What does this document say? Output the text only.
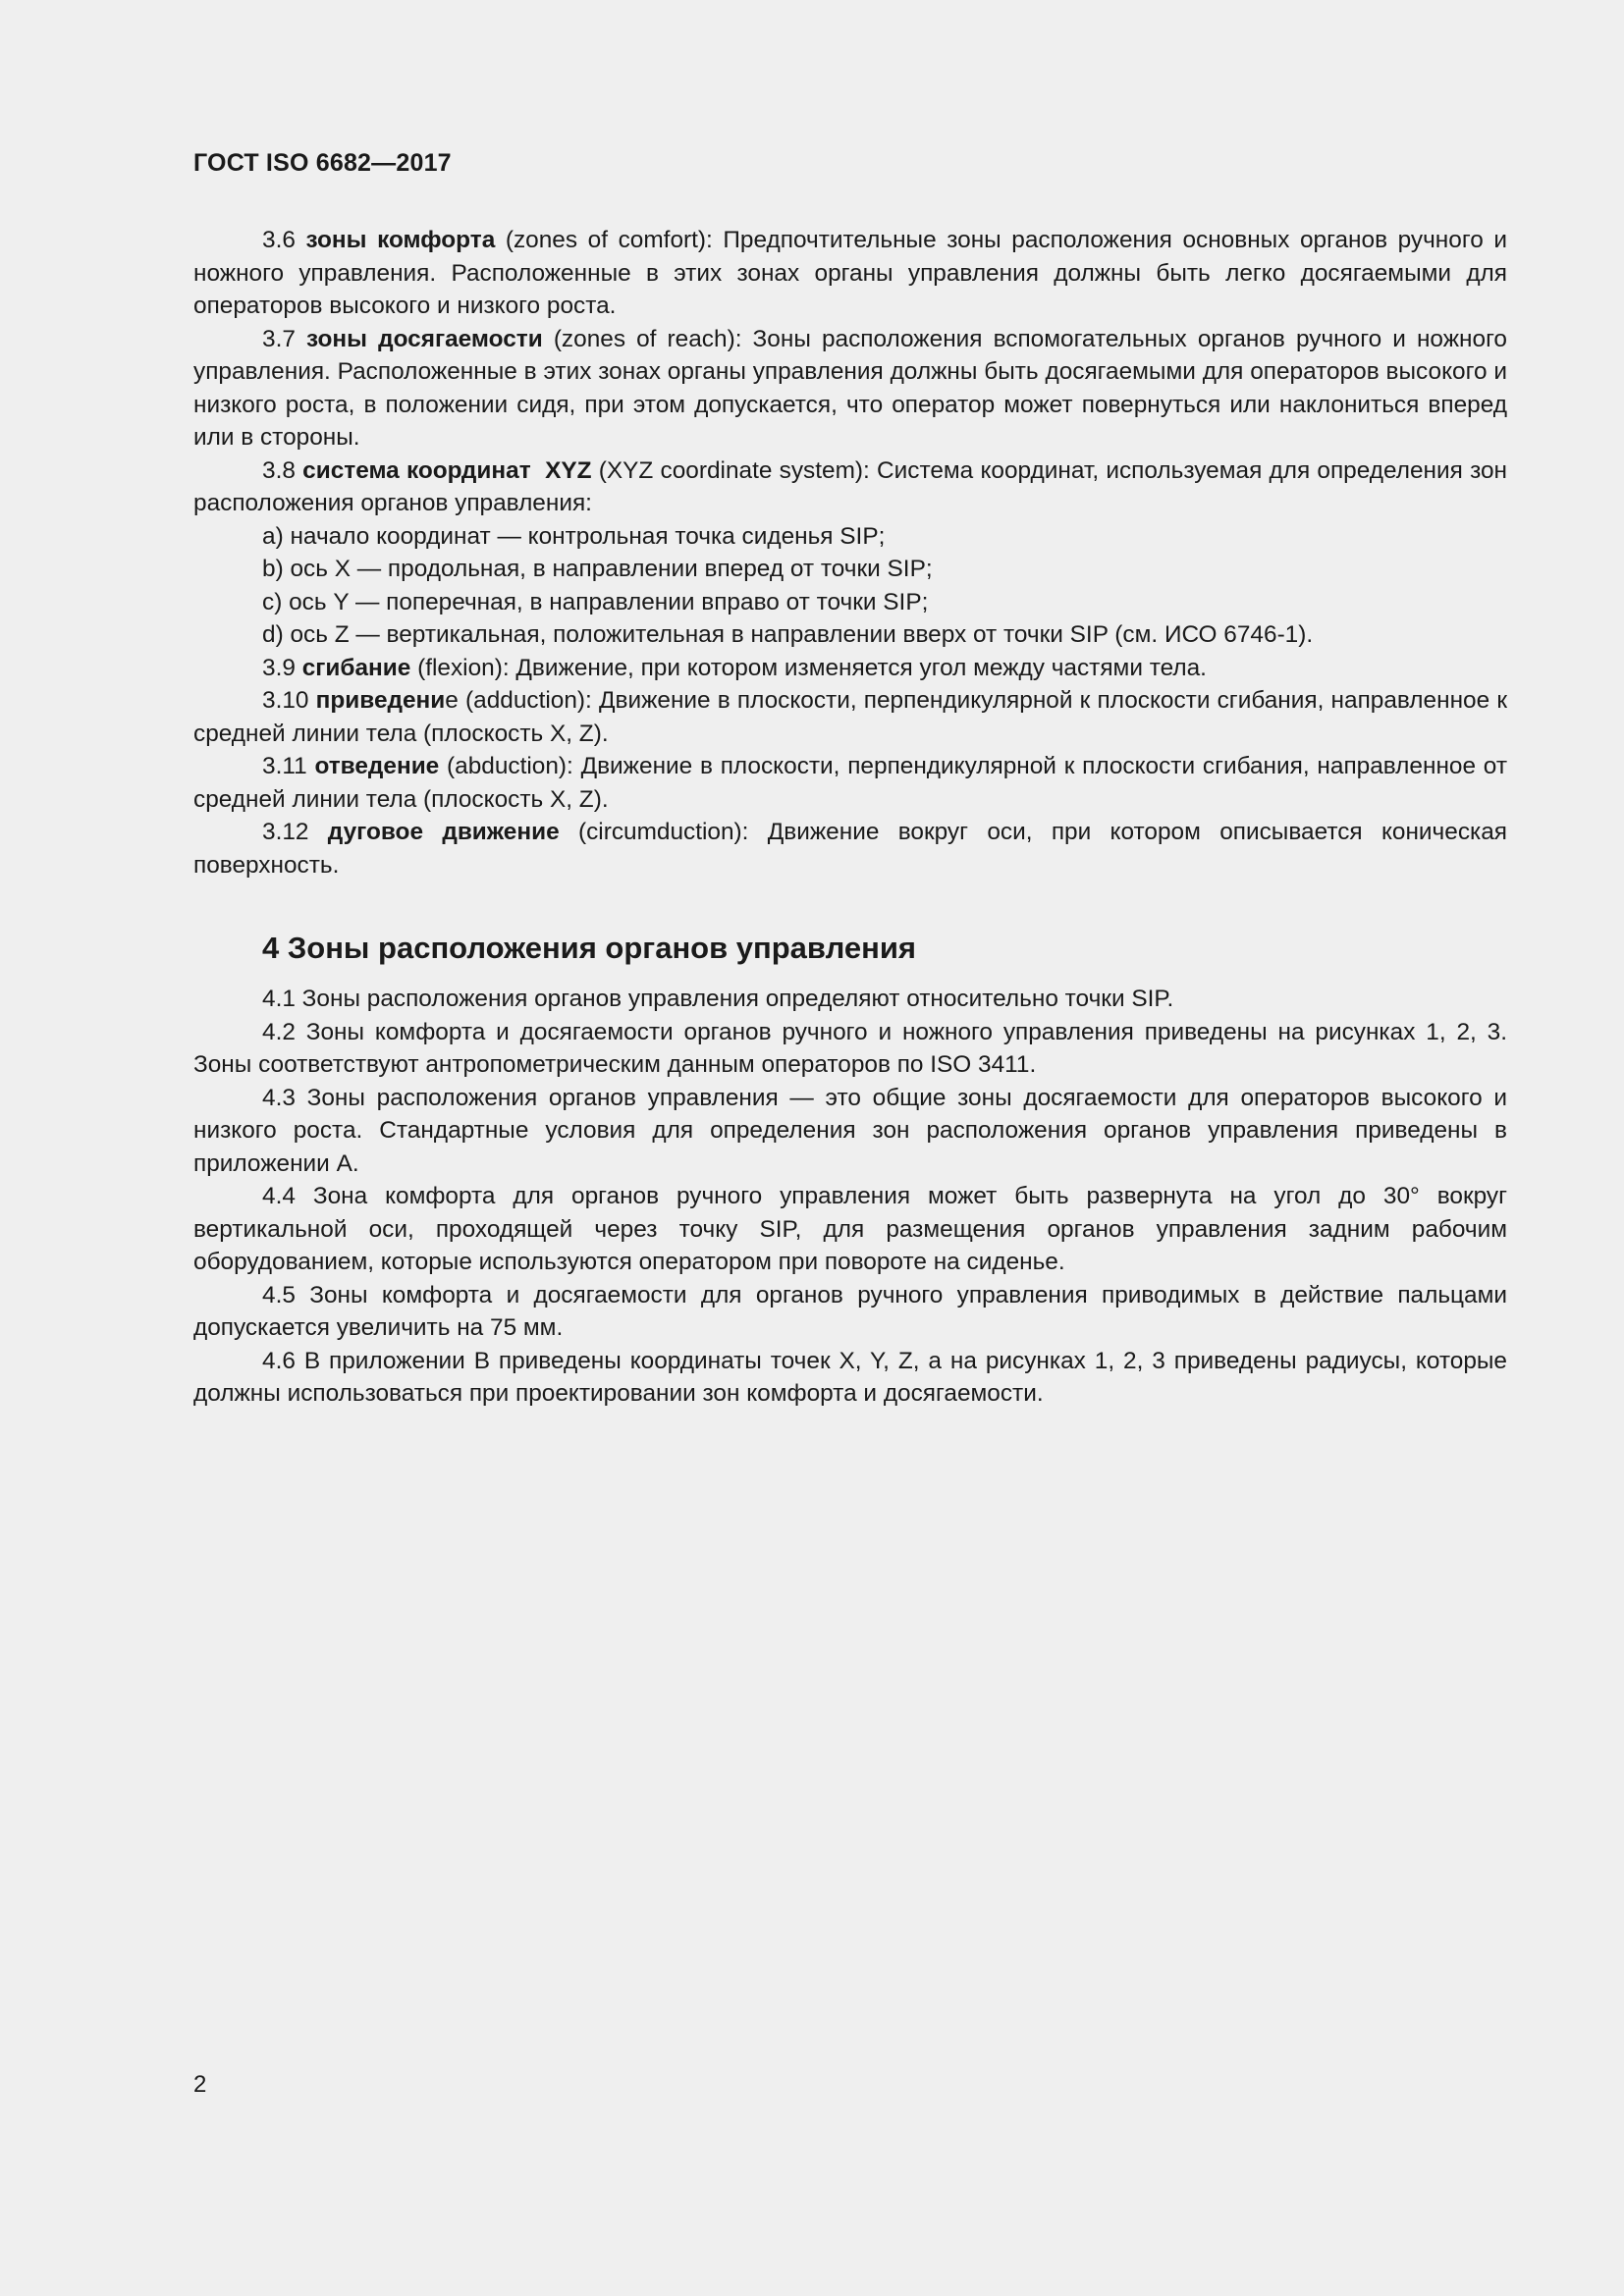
ГОСТ ISO 6682—2017

3.6 зоны комфорта (zones of comfort): Предпочтительные зоны расположения основных органов ручного и ножного управления. Расположенные в этих зонах органы управления должны быть легко досягаемыми для операторов высокого и низкого роста.

3.7 зоны досягаемости (zones of reach): Зоны расположения вспомогательных органов ручного и ножного управления. Расположенные в этих зонах органы управления должны быть досягаемыми для операторов высокого и низкого роста, в положении сидя, при этом допускается, что оператор может повернуться или наклониться вперед или в стороны.

3.8 система координат  XYZ (XYZ coordinate system): Система координат, используемая для определения зон расположения органов управления:

a) начало координат — контрольная точка сиденья SIP;

b) ось X — продольная, в направлении вперед от точки SIP;

c) ось Y — поперечная, в направлении вправо от точки SIP;

d) ось Z — вертикальная, положительная в направлении вверх от точки SIP (см. ИСО 6746-1).

3.9 сгибание (flexion): Движение, при котором изменяется угол между частями тела.

3.10 приведение (adduction): Движение в плоскости, перпендикулярной к плоскости сгибания, направленное к средней линии тела (плоскость X, Z).

3.11 отведение (abduction): Движение в плоскости, перпендикулярной к плоскости сгибания, направленное от средней линии тела (плоскость X, Z).

3.12 дуговое движение (circumduction): Движение вокруг оси, при котором описывается коническая поверхность.

4 Зоны расположения органов управления

4.1 Зоны расположения органов управления определяют относительно точки SIP.

4.2 Зоны комфорта и досягаемости органов ручного и ножного управления приведены на рисунках 1, 2, 3. Зоны соответствуют антропометрическим данным операторов по ISO 3411.

4.3 Зоны расположения органов управления — это общие зоны досягаемости для операторов высокого и низкого роста. Стандартные условия для определения зон расположения органов управления приведены в приложении А.

4.4 Зона комфорта для органов ручного управления может быть развернута на угол до 30° вокруг вертикальной оси, проходящей через точку SIP, для размещения органов управления задним рабочим оборудованием, которые используются оператором при повороте на сиденье.

4.5 Зоны комфорта и досягаемости для органов ручного управления приводимых в действие пальцами допускается увеличить на 75 мм.

4.6 В приложении В приведены координаты точек X, Y, Z, а на рисунках 1, 2, 3 приведены радиусы, которые должны использоваться при проектировании зон комфорта и досягаемости.

2
